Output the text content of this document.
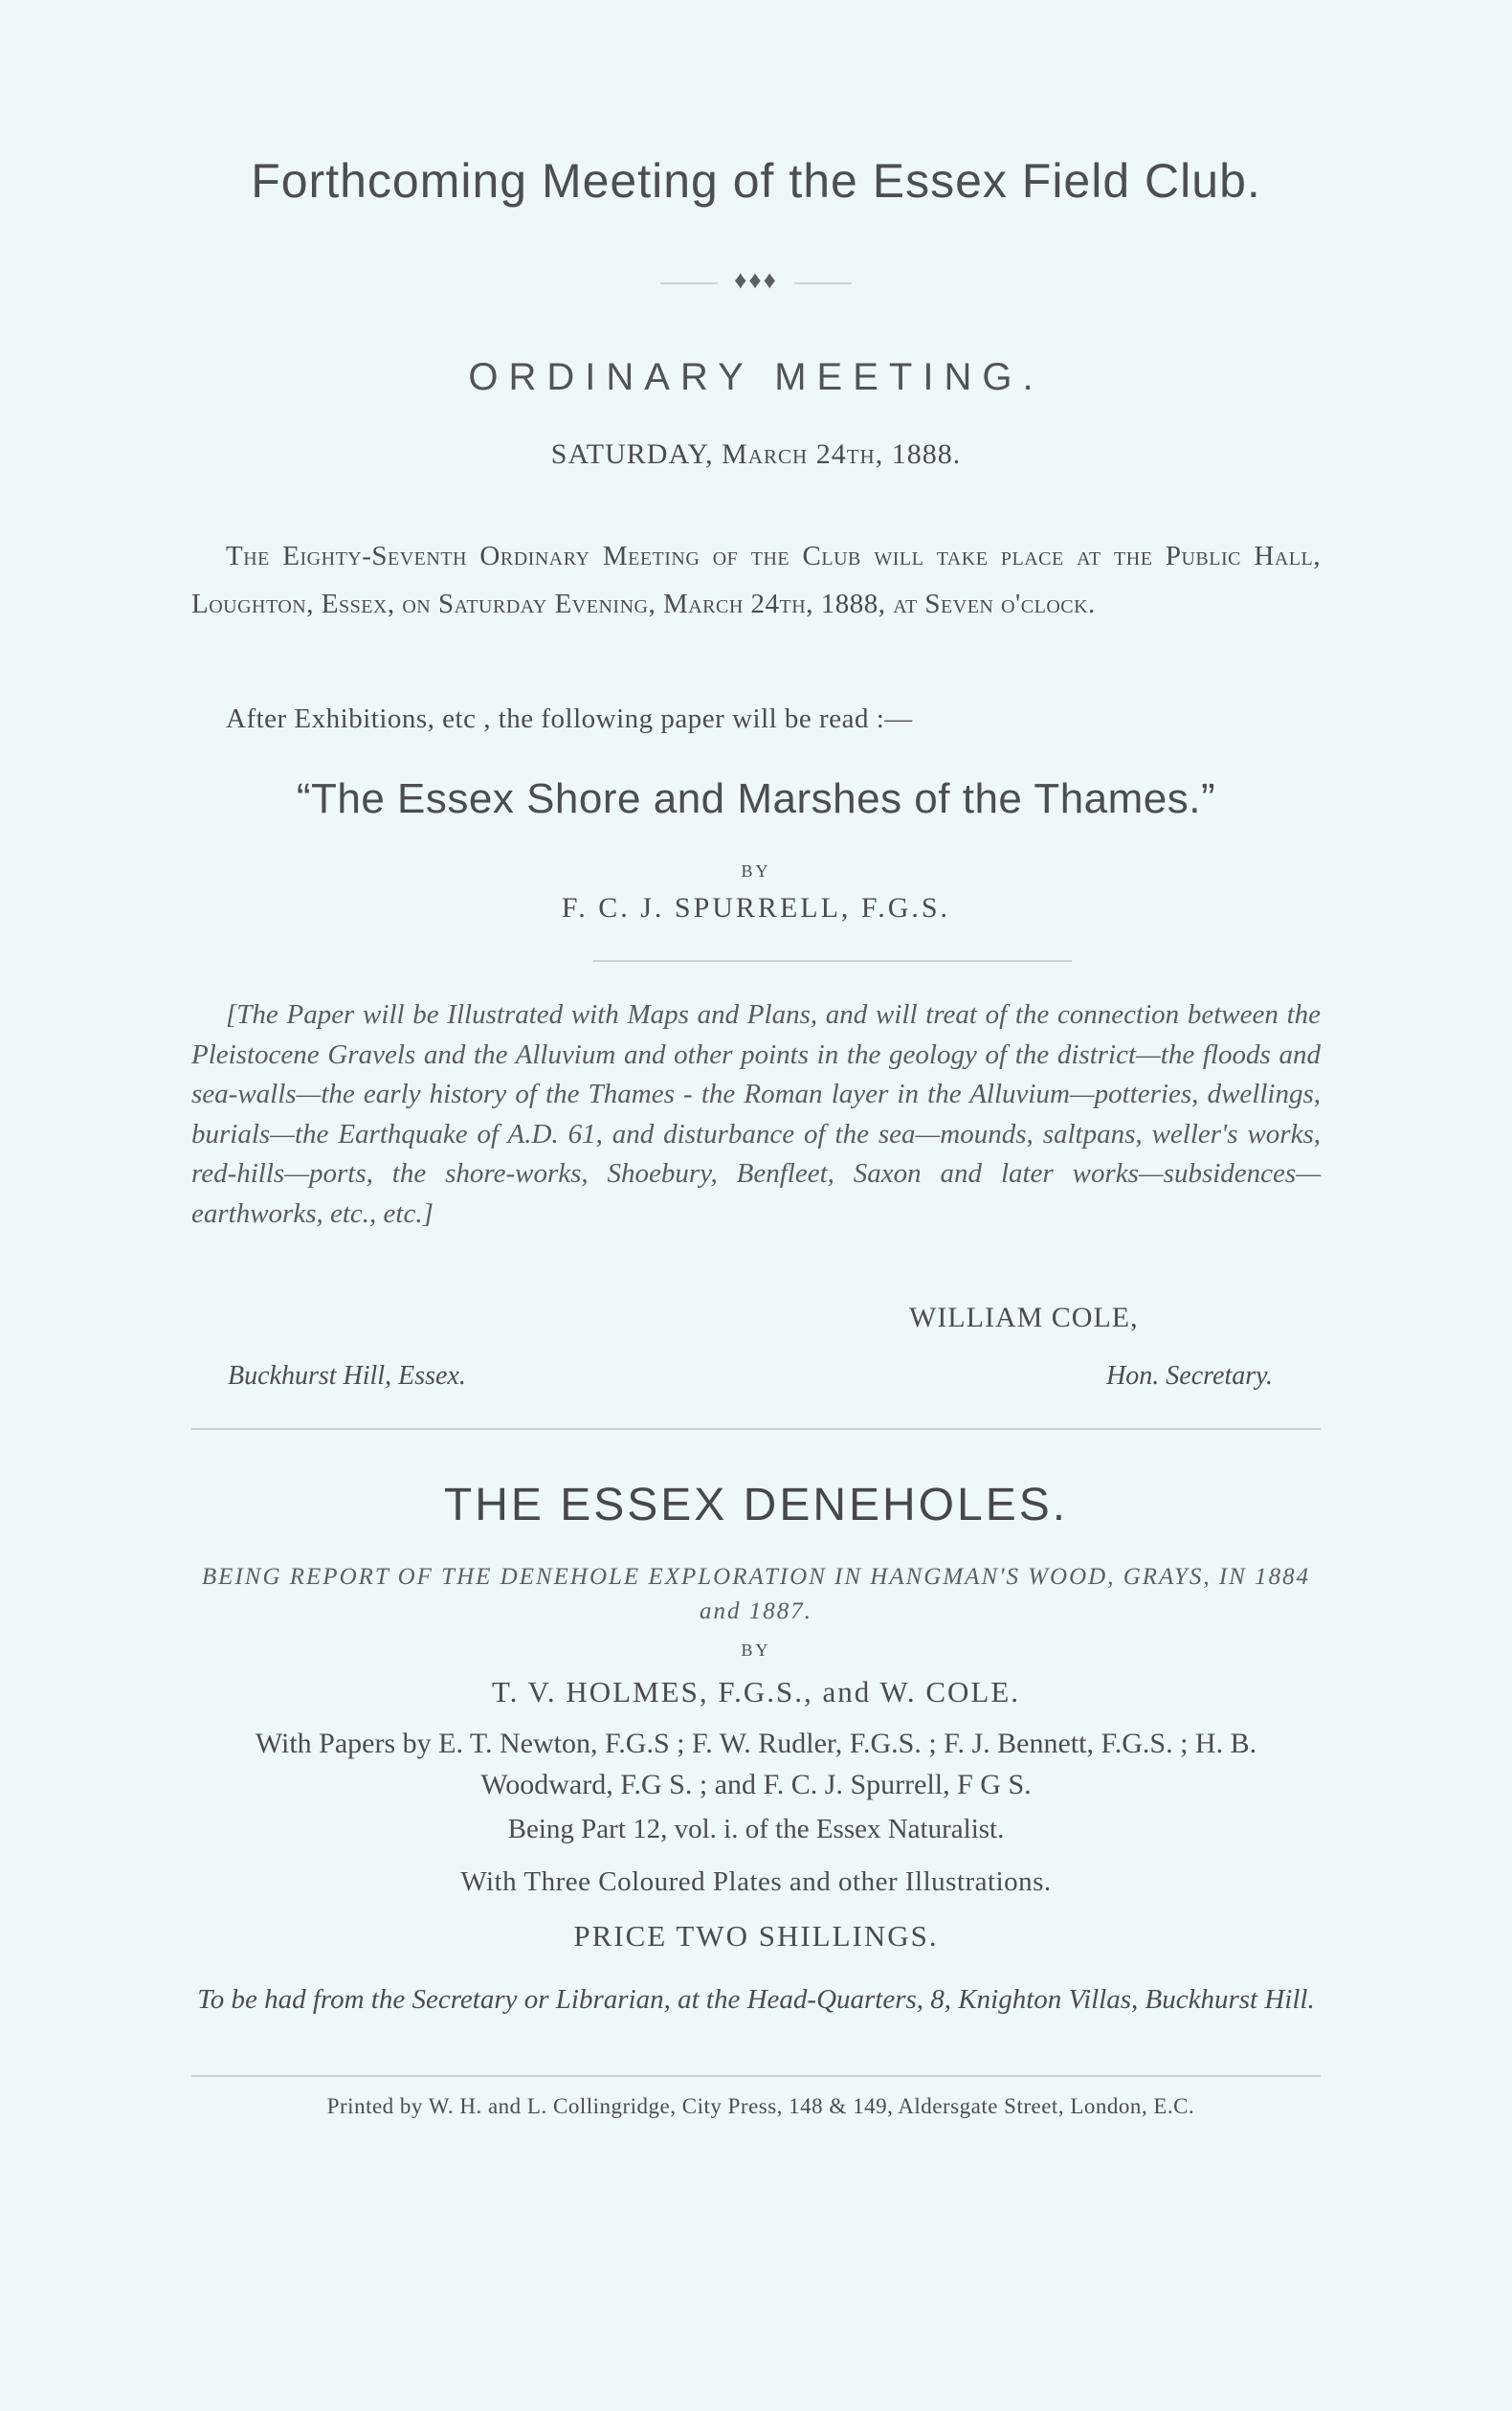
Forthcoming Meeting of the Essex Field Club.
♦♦♦
ORDINARY MEETING.
SATURDAY, March 24th, 1888.
The Eighty-Seventh Ordinary Meeting of the Club will take place at the Public Hall, Loughton, Essex, on Saturday Evening, March 24th, 1888, at Seven o'clock.
After Exhibitions, etc , the following paper will be read :—
“The Essex Shore and Marshes of the Thames.”
BY
F. C. J. SPURRELL, F.G.S.
[The Paper will be Illustrated with Maps and Plans, and will treat of the connection between the Pleistocene Gravels and the Alluvium and other points in the geology of the district—the floods and sea-walls—the early history of the Thames - the Roman layer in the Alluvium—potteries, dwellings, burials—the Earthquake of A.D. 61, and disturbance of the sea—mounds, saltpans, weller's works, red-hills—ports, the shore-works, Shoebury, Benfleet, Saxon and later works—subsidences—earthworks, etc., etc.]
WILLIAM COLE,
Buckhurst Hill, Essex.	Hon. Secretary.
THE ESSEX DENEHOLES.
BEING REPORT OF THE DENEHOLE EXPLORATION IN HANGMAN'S WOOD, GRAYS, IN 1884 and 1887.
BY
T. V. HOLMES, F.G.S., and W. COLE.
With Papers by E. T. Newton, F.G.S ; F. W. Rudler, F.G.S. ; F. J. Bennett, F.G.S. ; H. B. Woodward, F.G S. ; and F. C. J. Spurrell, F G S.
Being Part 12, vol. i. of the Essex Naturalist.
With Three Coloured Plates and other Illustrations.
PRICE TWO SHILLINGS.
To be had from the Secretary or Librarian, at the Head-Quarters, 8, Knighton Villas, Buckhurst Hill.
Printed by W. H. and L. Collingridge, City Press, 148 & 149, Aldersgate Street, London, E.C.
